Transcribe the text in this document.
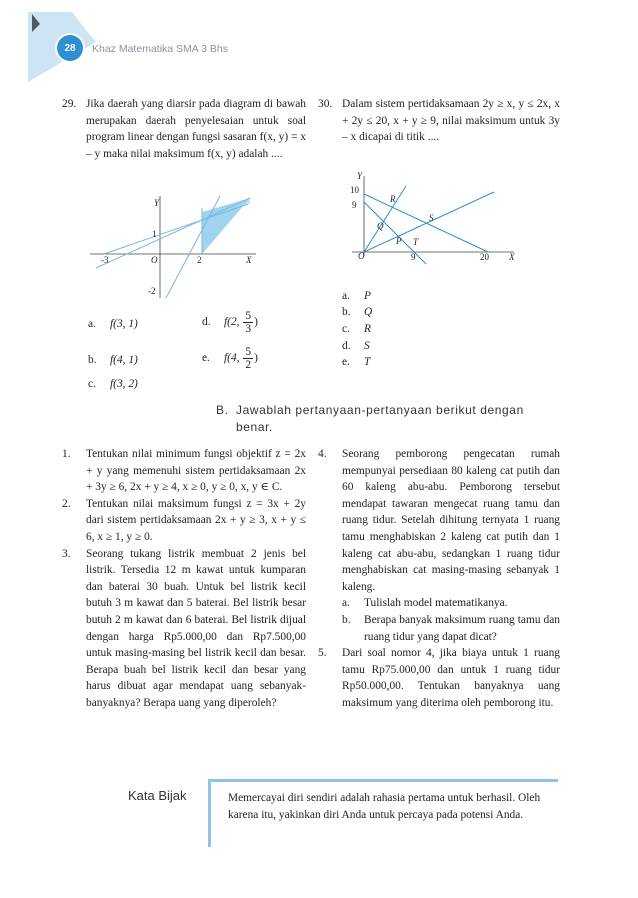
28	Khaz Matematika SMA 3 Bhs
29. Jika daerah yang diarsir pada diagram di bawah merupakan daerah penyelesaian untuk soal program linear dengan fungsi sasaran f(x, y) = x – y maka nilai maksimum f(x, y) adalah ....
Y
X
O
-3	2
1
-2
a. f(3, 1)
b. f(4, 1)
c. f(3, 2)
d. f(2, $\frac{5}{3}$ )
e. f(4, $\frac{5}{2}$ )
30. Dalam sistem pertidaksamaan 2y ≥ x, y ≤ 2x, x + 2y ≤ 20, x + y ≥ 9, nilai maksimum untuk 3y – x dicapai di titik ....
Y
10
9
O	9	20 X
R
S
Q
P T
a. P
b. Q
c. R
d. S
e. T
B. Jawablah pertanyaan-pertanyaan berikut dengan benar.
1.	Tentukan nilai minimum fungsi objektif z = 2x + y yang memenuhi sistem pertidaksamaan 2x + 3y ≥ 6, 2x + y ≥ 4, x ≥ 0, y ≥ 0, x, y ∈ C.
2.	Tentukan nilai maksimum fungsi z = 3x + 2y dari sistem pertidaksamaan 2x + y ≥ 3, x + y ≤ 6, x ≥ 1, y ≥ 0.
3.	Seorang tukang listrik membuat 2 jenis bel listrik. Tersedia 12 m kawat untuk kumparan dan baterai 30 buah. Untuk bel listrik kecil butuh 3 m kawat dan 5 baterai. Bel listrik besar butuh 2 m kawat dan 6 baterai. Bel listrik dijual dengan harga Rp5.000,00 dan Rp7.500,00 untuk masing-masing bel listrik kecil dan besar. Berapa buah bel listrik kecil dan besar yang harus dibuat agar mendapat uang sebanyak-banyaknya? Berapa uang yang diperoleh?
4.	Seorang pemborong pengecatan rumah mempunyai persediaan 80 kaleng cat putih dan 60 kaleng abu-abu. Pemborong tersebut mendapat tawaran mengecat ruang tamu dan ruang tidur. Setelah dihitung ternyata 1 ruang tamu menghabiskan 2 kaleng cat putih dan 1 kaleng cat abu-abu, sedangkan 1 ruang tidur menghabiskan cat masing-masing sebanyak 1 kaleng.
a.	Tulislah model matematikanya.
b.	Berapa banyak maksimum ruang tamu dan ruang tidur yang dapat dicat?
5.	Dari soal nomor 4, jika biaya untuk 1 ruang tamu Rp75.000,00 dan untuk 1 ruang tidur Rp50.000,00. Tentukan banyaknya uang maksimum yang diterima oleh pemborong itu.
Kata Bijak	Memercayai diri sendiri adalah rahasia pertama untuk berhasil. Oleh karena itu, yakinkan diri Anda untuk percaya pada potensi Anda.
